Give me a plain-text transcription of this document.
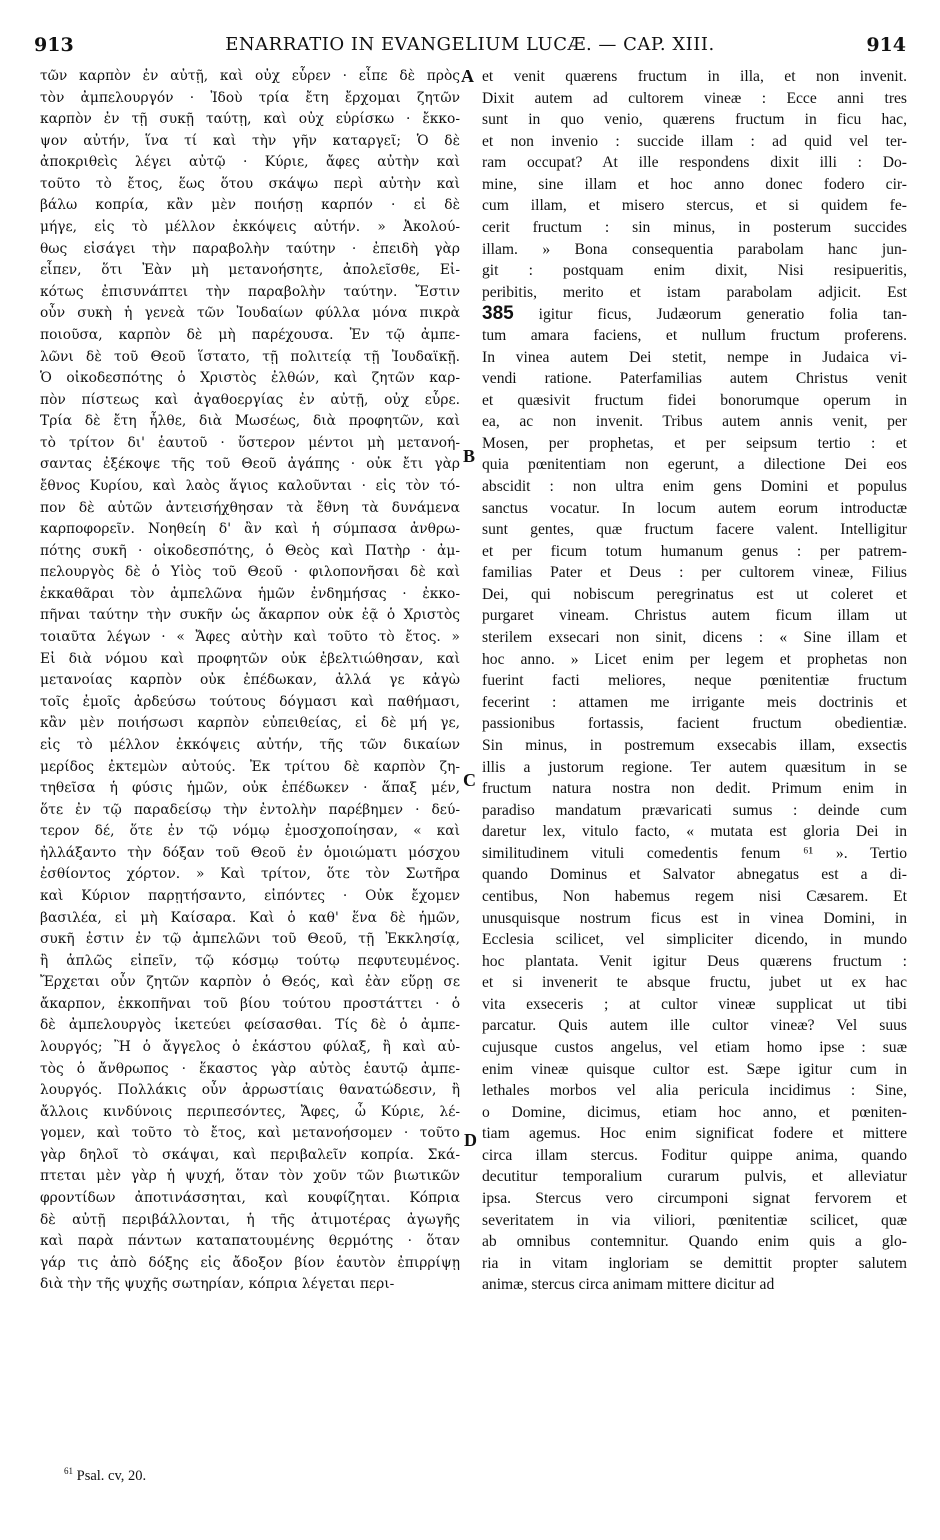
913	ENARRATIO IN EVANGELIUM LUCÆ. — CAP. XIII.	914
τῶν καρπὸν ἐν αὐτῇ, καὶ οὐχ εὗρεν · εἶπε δὲ πρὸς
τὸν ἀμπελουργόν · Ἰδοὺ τρία ἔτη ἔρχομαι ζητῶν
καρπὸν ἐν τῇ συκῇ ταύτῃ, καὶ οὐχ εὑρίσκω · ἔκκο-
ψον αὐτήν, ἵνα τί καὶ τὴν γῆν καταργεῖ; Ὁ δὲ
ἀποκριθεὶς λέγει αὐτῷ · Κύριε, ἄφες αὐτὴν καὶ
τοῦτο τὸ ἔτος, ἕως ὅτου σκάψω περὶ αὐτὴν καὶ
βάλω κοπρία, κἂν μὲν ποιήσῃ καρπόν · εἰ δὲ
μήγε, εἰς τὸ μέλλον ἐκκόψεις αὐτήν. » Ἀκολού-
θως εἰσάγει τὴν παραβολὴν ταύτην · ἐπειδὴ γὰρ
εἶπεν, ὅτι Ἐὰν μὴ μετανοήσητε, ἀπολεῖσθε, Εἰ-
κότως ἐπισυνάπτει τὴν παραβολὴν ταύτην. Ἔστιν
οὖν συκὴ ἡ γενεὰ τῶν Ἰουδαίων φύλλα μόνα πικρὰ
ποιοῦσα, καρπὸν δὲ μὴ παρέχουσα. Ἐν τῷ ἀμπε-
λῶνι δὲ τοῦ Θεοῦ ἵστατο, τῇ πολιτείᾳ τῇ Ἰουδαϊκῇ.
Ὁ οἰκοδεσπότης ὁ Χριστὸς ἐλθών, καὶ ζητῶν καρ-
πὸν πίστεως καὶ ἀγαθοεργίας ἐν αὐτῇ, οὐχ εὗρε.
Τρία δὲ ἔτη ἦλθε, διὰ Μωσέως, διὰ προφητῶν, καὶ
τὸ τρίτον δι' ἑαυτοῦ · ὕστερον μέντοι μὴ μετανοή-
σαντας ἐξέκοψε τῆς τοῦ Θεοῦ ἀγάπης · οὐκ ἔτι γὰρ
ἔθνος Κυρίου, καὶ λαὸς ἅγιος καλοῦνται · εἰς τὸν τό-
πον δὲ αὐτῶν ἀντεισήχθησαν τὰ ἔθνη τὰ δυνάμενα
καρποφορεῖν. Νοηθείη δ' ἂν καὶ ἡ σύμπασα ἀνθρω-
πότης συκῆ · οἰκοδεσπότης, ὁ Θεὸς καὶ Πατὴρ · ἀμ-
πελουργὸς δὲ ὁ Υἱὸς τοῦ Θεοῦ · φιλοπονῆσαι δὲ καὶ
ἐκκαθᾶραι τὸν ἀμπελῶνα ἡμῶν ἐνδημήσας · ἐκκο-
πῆναι ταύτην τὴν συκῆν ὡς ἄκαρπον οὐκ ἐᾷ ὁ Χριστὸς
τοιαῦτα λέγων · « Ἄφες αὐτὴν καὶ τοῦτο τὸ ἔτος. »
Εἰ διὰ νόμου καὶ προφητῶν οὐκ ἐβελτιώθησαν, καὶ
μετανοίας καρπὸν οὐκ ἐπέδωκαν, ἀλλά γε κἀγὼ
τοῖς ἐμοῖς ἀρδεύσω τούτους δόγμασι καὶ παθήμασι,
κἂν μὲν ποιήσωσι καρπὸν εὐπειθείας, εἰ δὲ μή γε,
εἰς τὸ μέλλον ἐκκόψεις αὐτήν, τῆς τῶν δικαίων
μερίδος ἐκτεμὼν αὐτούς. Ἐκ τρίτου δὲ καρπὸν ζη-
τηθεῖσα ἡ φύσις ἡμῶν, οὐκ ἐπέδωκεν · ἅπαξ μέν,
ὅτε ἐν τῷ παραδείσῳ τὴν ἐντολὴν παρέβημεν · δεύ-
τερον δέ, ὅτε ἐν τῷ νόμῳ ἐμοσχοποίησαν, « καὶ
ἠλλάξαντο τὴν δόξαν τοῦ Θεοῦ ἐν ὁμοιώματι μόσχου
ἐσθίοντος χόρτον. » Καὶ τρίτον, ὅτε τὸν Σωτῆρα
καὶ Κύριον παρῃτήσαντο, εἰπόντες · Οὐκ ἔχομεν
βασιλέα, εἰ μὴ Καίσαρα. Καὶ ὁ καθ' ἕνα δὲ ἡμῶν,
συκῆ ἐστιν ἐν τῷ ἀμπελῶνι τοῦ Θεοῦ, τῇ Ἐκκλησίᾳ,
ἢ ἁπλῶς εἰπεῖν, τῷ κόσμῳ τούτῳ πεφυτευμένος.
Ἔρχεται οὖν ζητῶν καρπὸν ὁ Θεός, καὶ ἐὰν εὕρῃ σε
ἄκαρπον, ἐκκοπῆναι τοῦ βίου τούτου προστάττει · ὁ
δὲ ἀμπελουργὸς ἱκετεύει φείσασθαι. Τίς δὲ ὁ ἀμπε-
λουργός; Ἢ ὁ ἄγγελος ὁ ἑκάστου φύλαξ, ἢ καὶ αὐ-
τὸς ὁ ἄνθρωπος · ἕκαστος γὰρ αὐτὸς ἑαυτῷ ἀμπε-
λουργός. Πολλάκις οὖν ἀρρωστίαις θανατώδεσιν, ἢ
ἄλλοις κινδύνοις περιπεσόντες, Ἄφες, ὦ Κύριε, λέ-
γομεν, καὶ τοῦτο τὸ ἔτος, καὶ μετανοήσομεν · τοῦτο
γὰρ δηλοῖ τὸ σκάψαι, καὶ περιβαλεῖν κοπρία. Σκά-
πτεται μὲν γὰρ ἡ ψυχή, ὅταν τὸν χοῦν τῶν βιωτικῶν
φροντίδων ἀποτινάσσηται, καὶ κουφίζηται. Κόπρια
δὲ αὐτῇ περιβάλλονται, ἡ τῆς ἀτιμοτέρας ἀγωγῆς
καὶ παρὰ πάντων καταπατουμένης θερμότης · ὅταν
γάρ τις ἀπὸ δόξης εἰς ἄδοξον βίον ἑαυτὸν ἐπιρρίψῃ
διὰ τὴν τῆς ψυχῆς σωτηρίαν, κόπρια λέγεται περι-
et venit quærens fructum in illa, et non invenit.
Dixit autem ad cultorem vineæ : Ecce anni tres
sunt in quo venio, quærens fructum in ficu hac,
et non invenio : succide illam : ad quid vel ter-
ram occupat? At ille respondens dixit illi : Do-
mine, sine illam et hoc anno donec fodero cir-
cum illam, et misero stercus, et si quidem fe-
cerit fructum : sin minus, in posterum succides
illam. » Bona consequentia parabolam hanc jun-
git : postquam enim dixit, Nisi resipueritis,
peribitis, merito et istam parabolam adjicit. Est
385 igitur ficus, Judæorum generatio folia tan-
tum amara faciens, et nullum fructum proferens.
In vinea autem Dei stetit, nempe in Judaica vi-
vendi ratione. Paterfamilias autem Christus venit
et quæsivit fructum fidei bonorumque operum in
ea, ac non invenit. Tribus autem annis venit, per
Mosen, per prophetas, et per seipsum tertio : et
quia pœnitentiam non egerunt, a dilectione Dei eos
abscidit : non ultra enim gens Domini et populus
sanctus vocatur. In locum autem eorum introductæ
sunt gentes, quæ fructum facere valent. Intelligitur
et per ficum totum humanum genus : per patrem-
familias Pater et Deus : per cultorem vineæ, Filius
Dei, qui nobiscum peregrinatus est ut coleret et
purgaret vineam. Christus autem ficum illam ut
sterilem exsecari non sinit, dicens : « Sine illam et
hoc anno. » Licet enim per legem et prophetas non
fuerint facti meliores, neque pœnitentiæ fructum
fecerint : attamen me irrigante meis doctrinis et
passionibus fortassis, facient fructum obedientiæ.
Sin minus, in postremum exsecabis illam, exsectis
illis a justorum regione. Ter autem quæsitum in se
fructum natura nostra non dedit. Primum enim in
paradiso mandatum prævaricati sumus : deinde cum
daretur lex, vitulo facto, « mutata est gloria Dei in
similitudinem vituli comedentis fenum ⁶¹ ». Tertio
quando Dominus et Salvator abnegatus est a di-
centibus, Non habemus regem nisi Cæsarem. Et
unusquisque nostrum ficus est in vinea Domini, in
Ecclesia scilicet, vel simpliciter dicendo, in mundo
hoc plantata. Venit igitur Deus quærens fructum :
et si invenerit te absque fructu, jubet ut ex hac
vita exseceris ; at cultor vineæ supplicat ut tibi
parcatur. Quis autem ille cultor vineæ? Vel suus
cujusque custos angelus, vel etiam homo ipse : suæ
enim vineæ quisque cultor est. Sæpe igitur cum in
lethales morbos vel alia pericula incidimus : Sine,
o Domine, dicimus, etiam hoc anno, et pœniten-
tiam agemus. Hoc enim significat fodere et mittere
circa illam stercus. Foditur quippe anima, quando
decutitur temporalium curarum pulvis, et alleviatur
ipsa. Stercus vero circumponi signat fervorem et
severitatem in via viliori, pœnitentiæ scilicet, quæ
ab omnibus contemnitur. Quando enim quis a glo-
ria in vitam ingloriam se demittit propter salutem
animæ, stercus circa animam mittere dicitur ad
A
B
C
D
$^{61}$ Psal. cv, 20.
